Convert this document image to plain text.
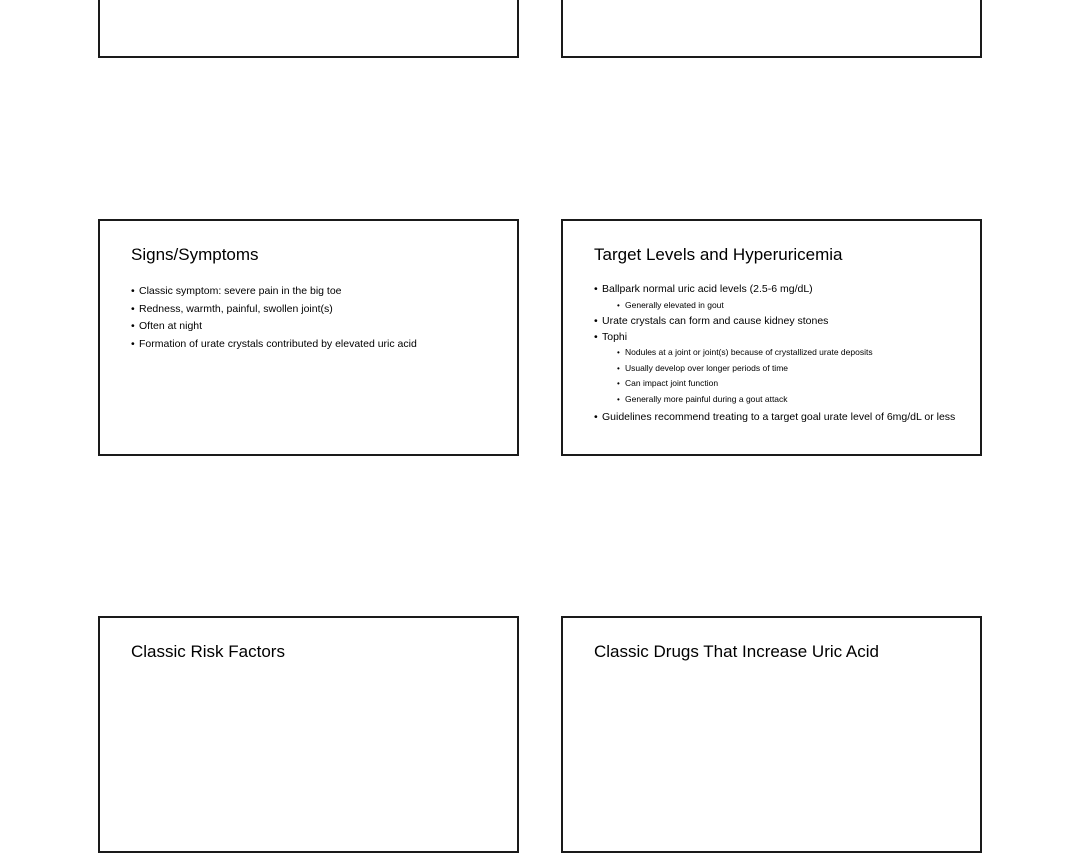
Signs/Symptoms
• Classic symptom: severe pain in the big toe
• Redness, warmth, painful, swollen joint(s)
• Often at night
• Formation of urate crystals contributed by elevated uric acid
Target Levels and Hyperuricemia
• Ballpark normal uric acid levels (2.5-6 mg/dL)
• Generally elevated in gout
• Urate crystals can form and cause kidney stones
• Tophi
• Nodules at a joint or joint(s) because of crystallized urate deposits
• Usually develop over longer periods of time
• Can impact joint function
• Generally more painful during a gout attack
• Guidelines recommend treating to a target goal urate level of 6mg/dL or less
Classic Risk Factors	Classic Drugs That Increase Uric Acid
